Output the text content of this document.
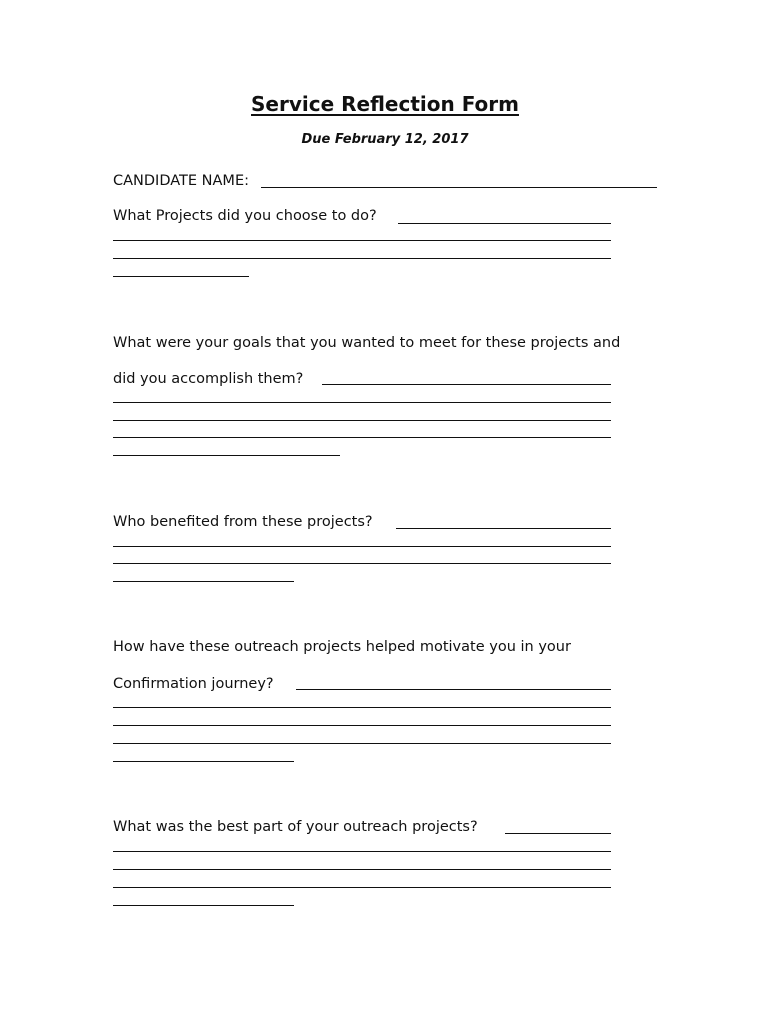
Service Reflection Form
Due February 12, 2017
CANDIDATE NAME:
What Projects did you choose to do?
What were your goals that you wanted to meet for these projects and
did you accomplish them?
Who benefited from these projects?
How have these outreach projects helped motivate you in your
Confirmation journey?
What was the best part of your outreach projects?
